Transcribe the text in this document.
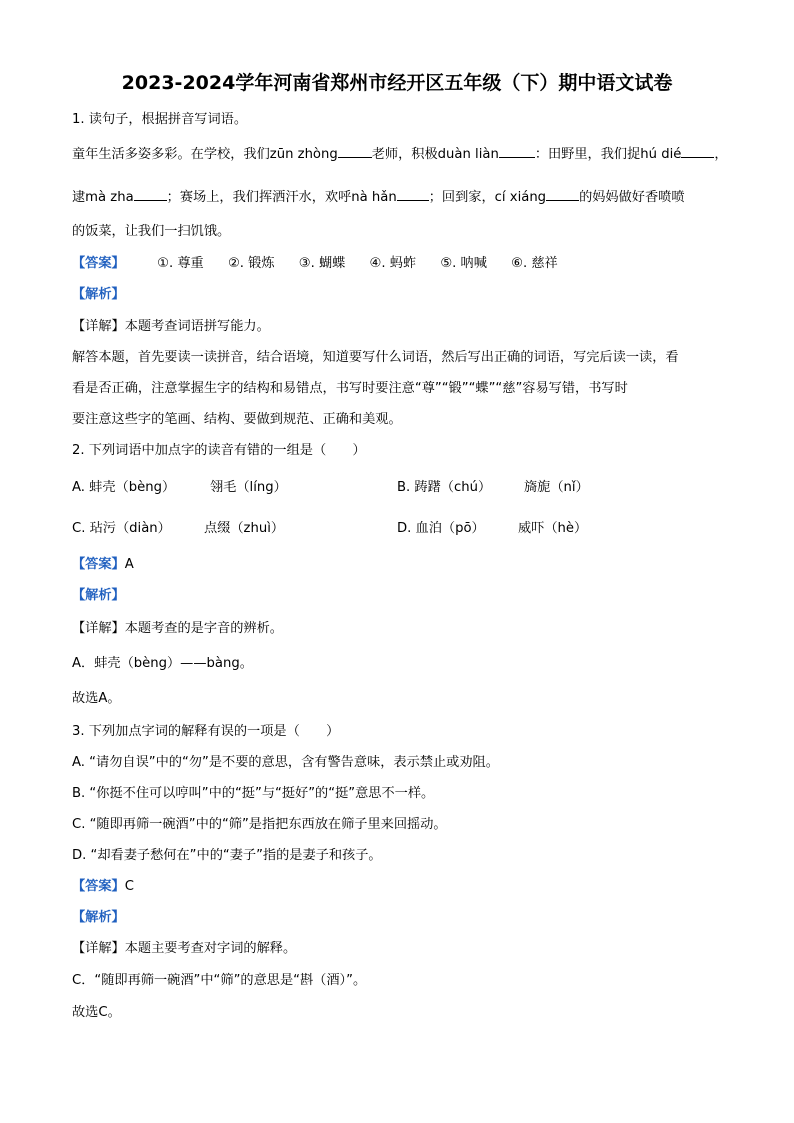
2023-2024学年河南省郑州市经开区五年级（下）期中语文试卷
1. 读句子，根据拼音写词语。
童年生活多姿多彩。在学校，我们zūn zhòng	老师，积极duàn liàn	：田野里，我们捉hú dié	，
逮mà zha	；赛场上，我们挥洒汗水，欢呼nà hǎn ；回到家，cí xiáng	的妈妈做好香喷喷
的饭菜，让我们一扫饥饿。
【答案】 ①. 尊重 ②. 锻炼 ③. 蝴蝶 ④. 蚂蚱 ⑤. 呐喊 ⑥. 慈祥
【解析】
【详解】本题考查词语拼写能力。
解答本题，首先要读一读拼音，结合语境，知道要写什么词语，然后写出正确的词语，写完后读一读，看
看是否正确，注意掌握生字的结构和易错点，书写时要注意“尊”“锻”“蝶”“慈”容易写错，书写时
要注意这些字的笔画、结构、要做到规范、正确和美观。
2. 下列词语中加点字的读音有错的一组是（　　）
A. 蚌壳（bèng）	翎毛（líng）	B. 踌躇（chú） 旖旎（nǐ）
C. 玷污（diàn）	点缀（zhuì）	D. 血泊（pō）	威吓（hè）
【答案】A
【解析】
【详解】本题考查的是字音的辨析。
A．蚌壳（bèng）——bàng。
故选A。
3. 下列加点字词的解释有误的一项是（　　）
A. “请勿自误”中的“勿”是不要的意思，含有警告意味，表示禁止或劝阻。
B. “你挺不住可以哼叫”中的“挺”与“挺好”的“挺”意思不一样。
C. “随即再筛一碗酒”中的“筛”是指把东西放在筛子里来回摇动。
D. “却看妻子愁何在”中的“妻子”指的是妻子和孩子。
【答案】C
【解析】
【详解】本题主要考查对字词的解释。
C．“随即再筛一碗酒”中“筛”的意思是“斟（酒）”。
故选C。
